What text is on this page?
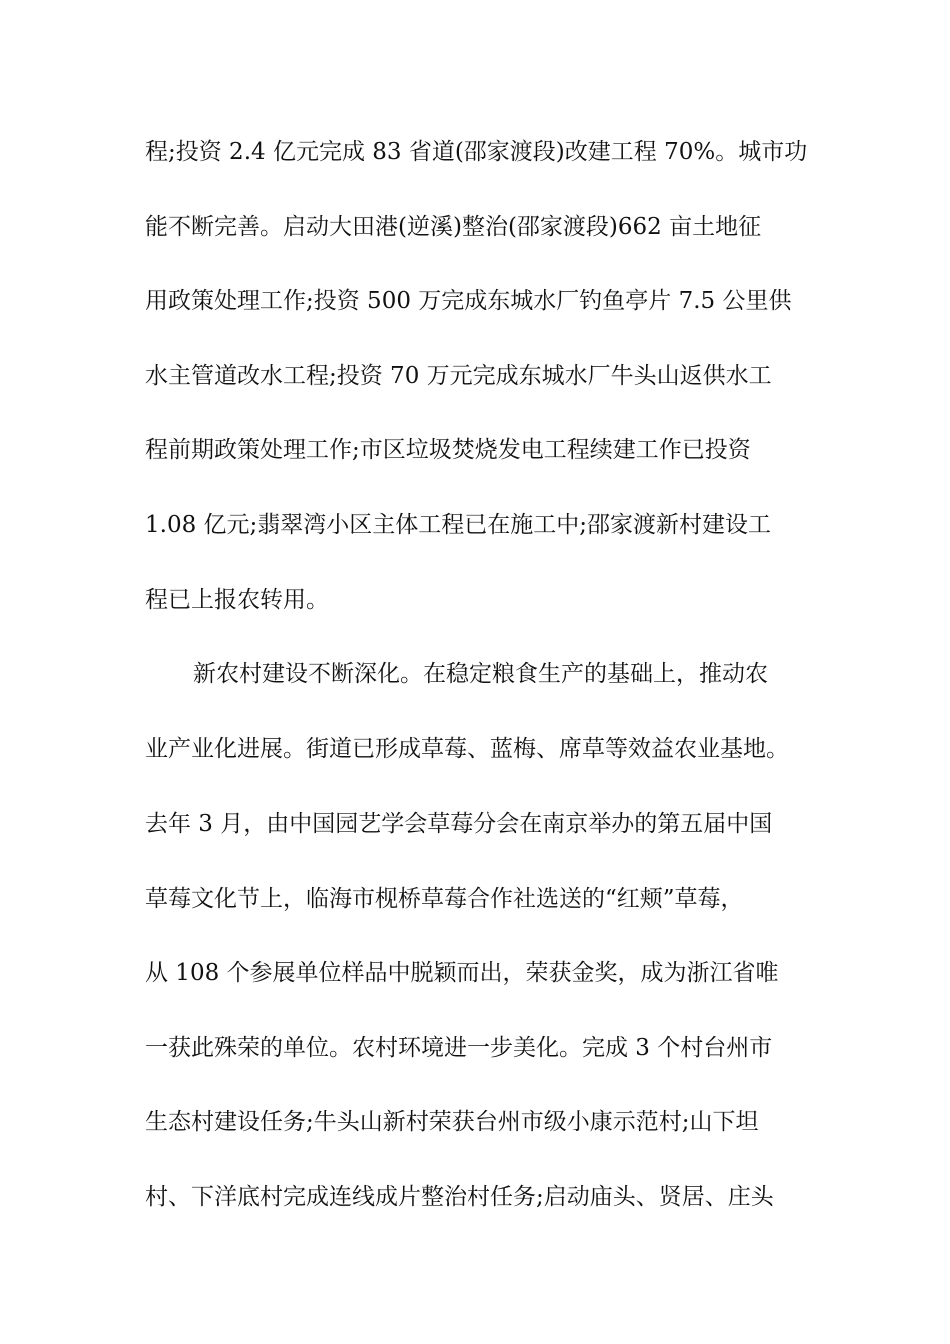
程;投资 2.4 亿元完成 83 省道(邵家渡段)改建工程 70%。城市功
能不断完善。启动大田港(逆溪)整治(邵家渡段)662 亩土地征
用政策处理工作;投资 500 万完成东城水厂钓鱼亭片 7.5 公里供
水主管道改水工程;投资 70 万元完成东城水厂牛头山返供水工
程前期政策处理工作;市区垃圾焚烧发电工程续建工作已投资
1.08 亿元;翡翠湾小区主体工程已在施工中;邵家渡新村建设工
程已上报农转用。
新农村建设不断深化。在稳定粮食生产的基础上，推动农
业产业化进展。街道已形成草莓、蓝梅、席草等效益农业基地。
去年 3 月，由中国园艺学会草莓分会在南京举办的第五届中国
草莓文化节上，临海市枧桥草莓合作社选送的“红颊”草莓，
从 108 个参展单位样品中脱颖而出，荣获金奖，成为浙江省唯
一获此殊荣的单位。农村环境进一步美化。完成 3 个村台州市
生态村建设任务;牛头山新村荣获台州市级小康示范村;山下坦
村、下洋底村完成连线成片整治村任务;启动庙头、贤居、庄头
